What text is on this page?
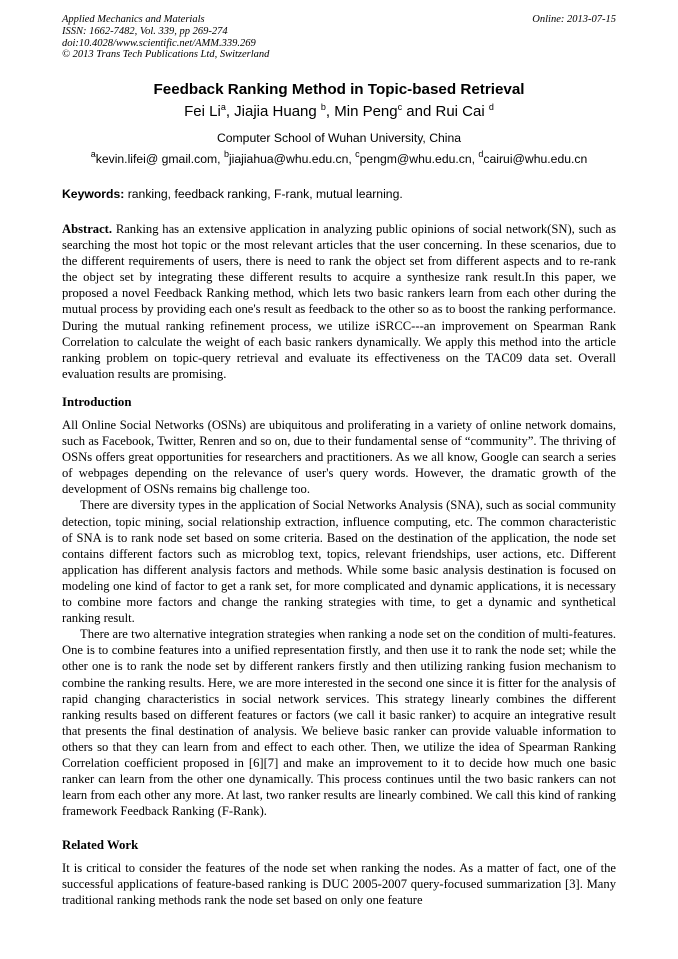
Applied Mechanics and Materials
ISSN: 1662-7482, Vol. 339, pp 269-274
doi:10.4028/www.scientific.net/AMM.339.269
© 2013 Trans Tech Publications Ltd, Switzerland
Online: 2013-07-15
Feedback Ranking Method in Topic-based Retrieval
Fei Li$^a$, Jiajia Huang $^b$, Min Peng$^c$ and Rui Cai $^d$
Computer School of Wuhan University, China
$^a$kevin.lifei@ gmail.com, $^b$jiajiahua@whu.edu.cn, $^c$pengm@whu.edu.cn, $^d$cairui@whu.edu.cn
Keywords: ranking, feedback ranking, F-rank, mutual learning.

Abstract. Ranking has an extensive application in analyzing public opinions of social network(SN), such as searching the most hot topic or the most relevant articles that the user concerning. In these scenarios, due to the different requirements of users, there is need to rank the object set from different aspects and to re-rank the object set by integrating these different results to acquire a synthesize rank result.In this paper, we proposed a novel Feedback Ranking method, which lets two basic rankers learn from each other during the mutual process by providing each one's result as feedback to the other so as to boost the ranking performance. During the mutual ranking refinement process, we utilize iSRCC---an improvement on Spearman Rank Correlation to calculate the weight of each basic rankers dynamically. We apply this method into the article ranking problem on topic-query retrieval and evaluate its effectiveness on the TAC09 data set. Overall evaluation results are promising.

Introduction

All Online Social Networks (OSNs) are ubiquitous and proliferating in a variety of online network domains, such as Facebook, Twitter, Renren and so on, due to their fundamental sense of “community”. The thriving of OSNs offers great opportunities for researchers and practitioners. As we all know, Google can search a series of webpages depending on the relevance of user's query words. However, the dramatic growth of the development of OSNs remains big challenge too.

There are diversity types in the application of Social Networks Analysis (SNA), such as social community detection, topic mining, social relationship extraction, influence computing, etc. The common characteristic of SNA is to rank node set based on some criteria. Based on the destination of the application, the node set contains different factors such as microblog text, topics, relevant friendships, user actions, etc. Different application has different analysis factors and methods. While some basic analysis destination is focused on modeling one kind of factor to get a rank set, for more complicated and dynamic applications, it is necessary to combine more factors and change the ranking strategies with time, to get a dynamic and synthetical ranking result.

There are two alternative integration strategies when ranking a node set on the condition of multi-features. One is to combine features into a unified representation firstly, and then use it to rank the node set; while the other one is to rank the node set by different rankers firstly and then utilizing ranking fusion mechanism to combine the ranking results. Here, we are more interested in the second one since it is fitter for the analysis of rapid changing characteristics in social network services. This strategy linearly combines the different ranking results based on different features or factors (we call it basic ranker) to acquire an integrative result that presents the final destination of analysis. We believe basic ranker can provide valuable information to others so that they can learn from and effect to each other. Then, we utilize the idea of Spearman Ranking Correlation coefficient proposed in [6][7] and make an improvement to it to decide how much one basic ranker can learn from the other one dynamically. This process continues until the two basic rankers can not learn from each other any more. At last, two ranker results are linearly combined. We call this kind of ranking framework Feedback Ranking (F-Rank).

Related Work

It is critical to consider the features of the node set when ranking the nodes. As a matter of fact, one of the successful applications of feature-based ranking is DUC 2005-2007 query-focused summarization [3]. Many traditional ranking methods rank the node set based on only one feature
